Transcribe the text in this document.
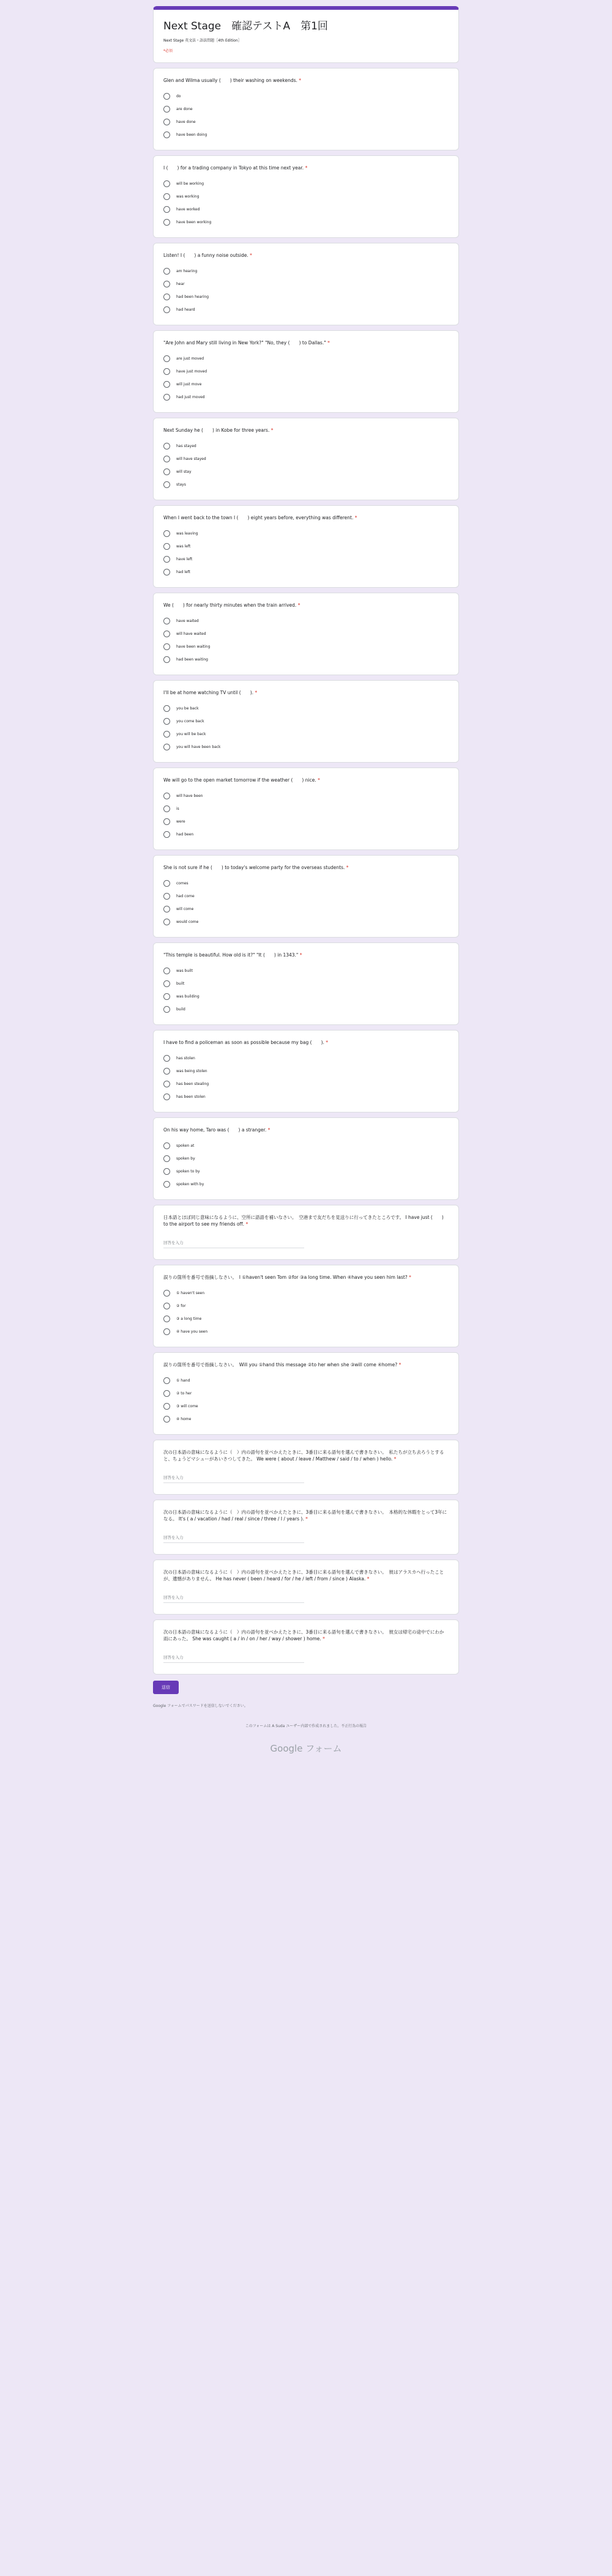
Next Stage　確認テストA　第1回
Next Stage 英文法・語法問題［4th Edition］
*必須
Glen and Wilma usually (　　) their washing on weekends. *
do
are done
have done
have been doing
I (　　) for a trading company in Tokyo at this time next year. *
will be working
was working
have worked
have been working
Listen! I (　　) a funny noise outside. *
am hearing
hear
had been hearing
had heard
"Are John and Mary still living in New York?" "No, they (　　) to Dallas." *
are just moved
have just moved
will just move
had just moved
Next Sunday he (　　) in Kobe for three years. *
has stayed
will have stayed
will stay
stays
When I went back to the town I (　　) eight years before, everything was different. *
was leaving
was left
have left
had left
We (　　) for nearly thirty minutes when the train arrived. *
have waited
will have waited
have been waiting
had been waiting
I'll be at home watching TV until (　　). *
you be back
you come back
you will be back
you will have been back
We will go to the open market tomorrow if the weather (　　) nice. *
will have been
is
were
had been
She is not sure if he (　　) to today's welcome party for the overseas students. *
comes
had come
will come
would come
"This temple is beautiful. How old is it?" "It (　　) in 1343." *
was built
built
was building
build
I have to find a policeman as soon as possible because my bag (　　). *
has stolen
was being stolen
has been stealing
has been stolen
On his way home, Taro was (　　) a stranger. *
spoken at
spoken by
spoken to by
spoken with by
日本語とほぼ同じ意味になるように、空所に語語を補いなさい。　空港まで友だちを見送りに行ってきたところです。 I have just (　　) to the airport to see my friends off. *
回答を入力
誤りの箇所を番号で指摘しなさい。　I ①haven't seen Tom ②for ③a long time. When ④have you seen him last? *
① haven't seen
② for
③ a long time
④ have you seen
誤りの箇所を番号で指摘しなさい。　Will you ①hand this message ②to her when she ③will come ④home? *
① hand
② to her
③ will come
④ home
次の日本語の意味になるように（　）内の語句を並べかえたときに、3番目に来る語句を選んで書きなさい。　私たちが立ち去ろうとすると、ちょうどマシューがあいさつしてきた。 We were ( about / leave / Matthew / said / to / when ) hello. *
回答を入力
次の日本語の意味になるように（　）内の語句を並べかえたときに、3番目に来る語句を選んで書きなさい。　本格的な休暇をとって3年になる。 It's ( a / vacation / had / real / since / three / I / years ). *
回答を入力
次の日本語の意味になるように（　）内の語句を並べかえたときに、3番目に来る語句を選んで書きなさい。　彼はアラスカへ行ったことが、遺憾がありません。 He has never ( been / heard / for / he / left / from / since ) Alaska. *
回答を入力
次の日本語の意味になるように（　）内の語句を並べかえたときに、3番目に来る語句を選んで書きなさい。　彼女は帰宅の途中でにわか雨にあった。 She was caught ( a / in / on / her / way / shower ) home. *
回答を入力
送信
Google フォームでパスワードを送信しないでください。
このフォームは A Suda ユーザー内部で作成されました。不正行為の報告
Google フォーム
